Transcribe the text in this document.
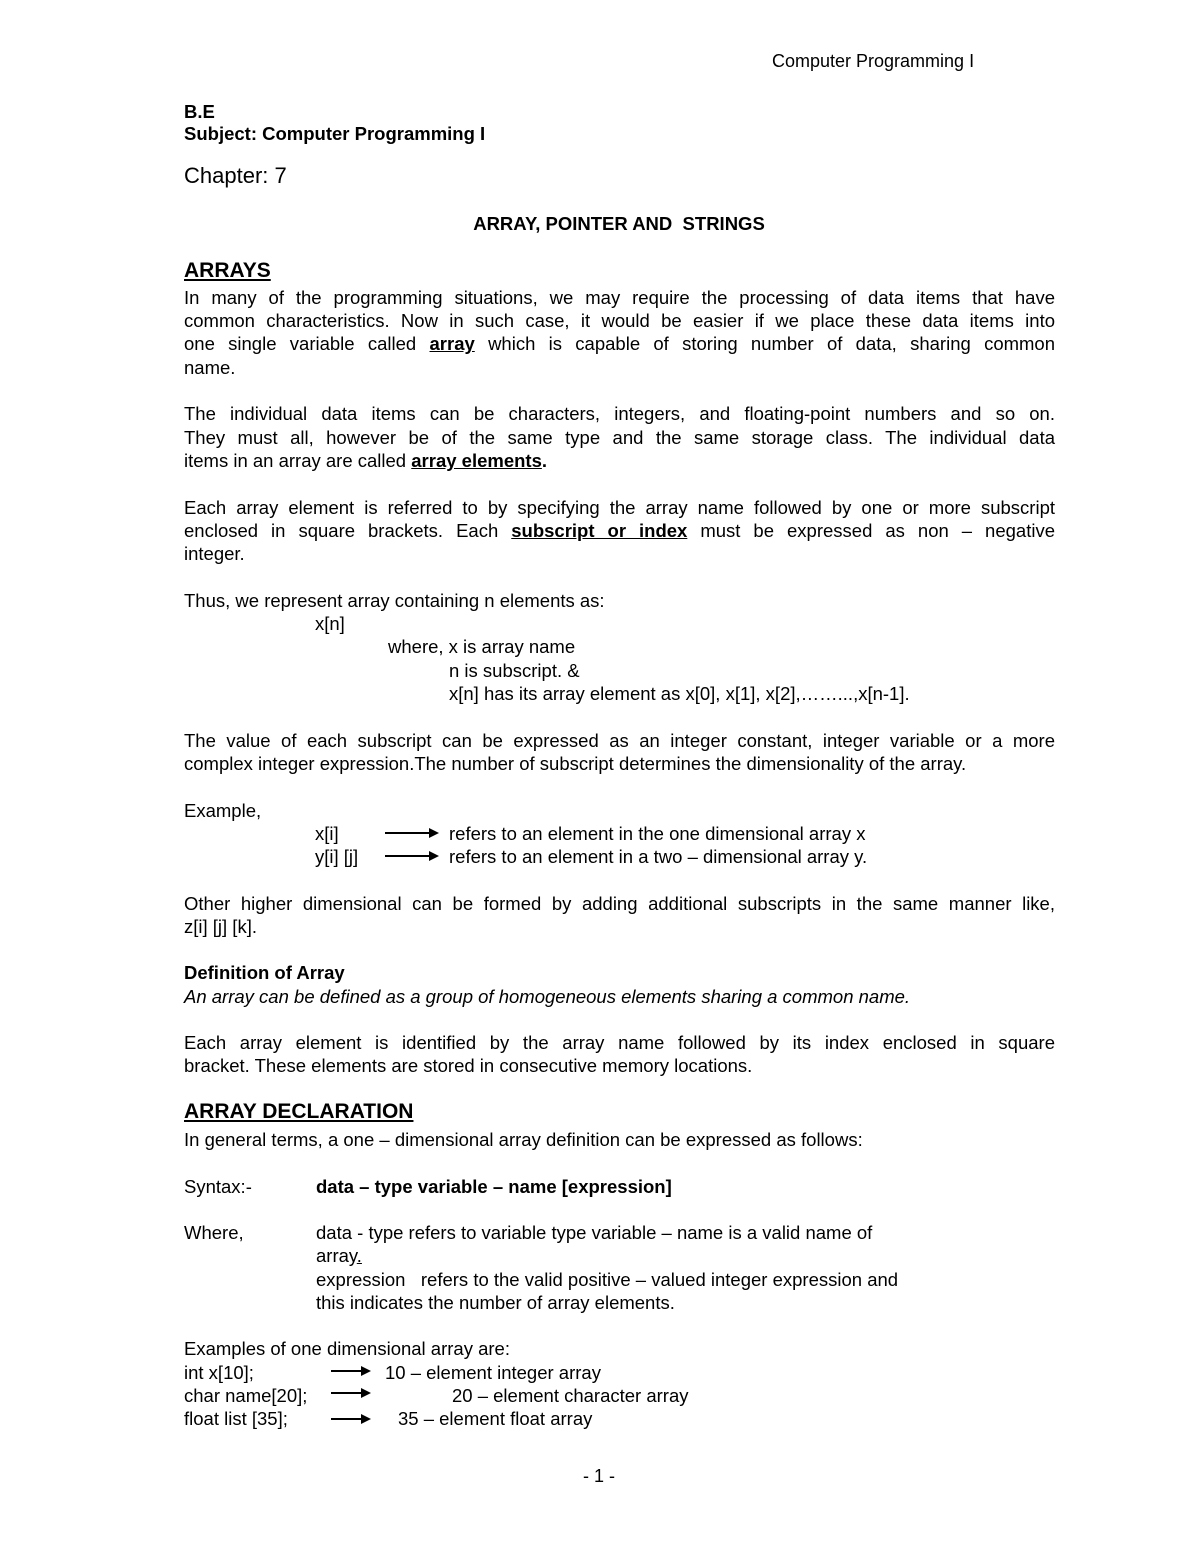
Computer Programming I
B.E
Subject: Computer Programming I
Chapter: 7
ARRAY, POINTER AND  STRINGS
ARRAYS
In many of the programming situations, we may require the processing of data items that have
common characteristics. Now in such case, it would be easier if we place these data items into
one single variable called array which is capable of storing number of data, sharing common
name.
The individual data items can be characters, integers, and floating-point numbers and so on.
They must all, however be of the same type and the same storage class. The individual data
items in an array are called array elements.
Each array element is referred to by specifying the array name followed by one or more subscript
enclosed in square brackets. Each subscript or index must be expressed as non – negative
integer.
Thus, we represent array containing n elements as:
x[n]
where, x is array name
n is subscript. &
x[n] has its array element as x[0], x[1], x[2],……...,x[n-1].
The value of each subscript can be expressed as an integer constant, integer variable or a more
complex integer expression.The number of subscript determines the dimensionality of the array.
Example,
x[i]	refers to an element in the one dimensional array x
y[i] [j]	refers to an element in a two – dimensional array y.
Other higher dimensional can be formed by adding additional subscripts in the same manner like,
z[i] [j] [k].
Definition of Array
An array can be defined as a group of homogeneous elements sharing a common name.
Each array element is identified by the array name followed by its index enclosed in square
bracket. These elements are stored in consecutive memory locations.
ARRAY DECLARATION
In general terms, a one – dimensional array definition can be expressed as follows:
Syntax:-	data – type variable – name [expression]
Where,	data - type refers to variable type variable – name is a valid name of
array.
expression   refers to the valid positive – valued integer expression and
this indicates the number of array elements.
Examples of one dimensional array are:
int x[10];	10 – element integer array
char name[20];	20 – element character array
float list [35];	35 – element float array
- 1 -
